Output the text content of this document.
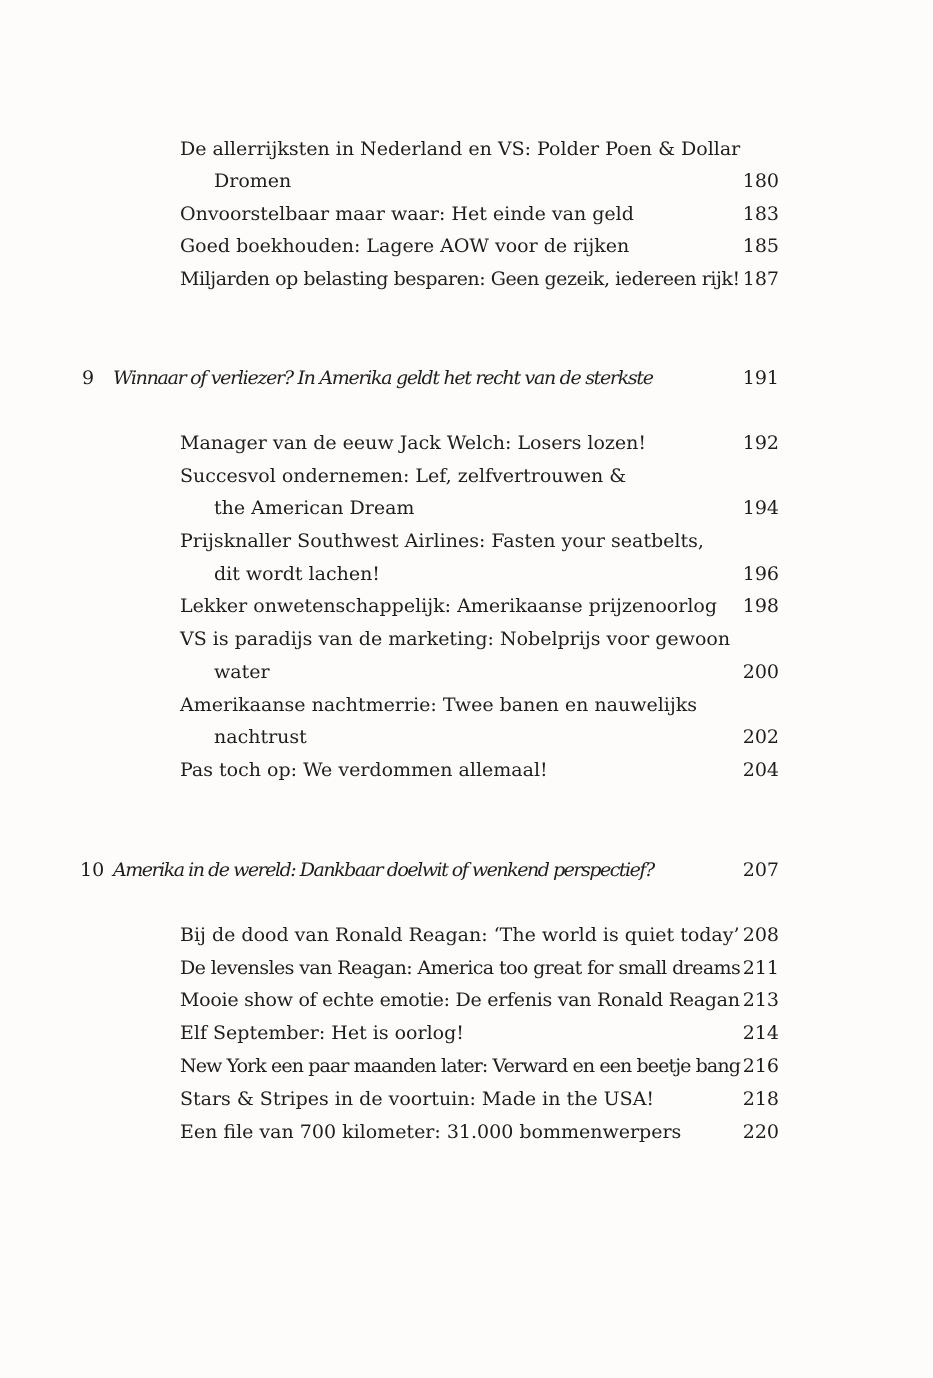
De allerrijksten in Nederland en VS: Polder Poen & Dollar
Dromen	180
Onvoorstelbaar maar waar: Het einde van geld	183
Goed boekhouden: Lagere AOW voor de rijken	185
Miljarden op belasting besparen: Geen gezeik, iedereen rijk! 187
9 Winnaar of verliezer? In Amerika geldt het recht van de sterkste	191
Manager van de eeuw Jack Welch: Losers lozen!	192
Succesvol ondernemen: Lef, zelfvertrouwen &
the American Dream	194
Prijsknaller Southwest Airlines: Fasten your seatbelts,
dit wordt lachen!	196
Lekker onwetenschappelijk: Amerikaanse prijzenoorlog 198
VS is paradijs van de marketing: Nobelprijs voor gewoon
water	200
Amerikaanse nachtmerrie: Twee banen en nauwelijks
nachtrust	202
Pas toch op: We verdommen allemaal!	204
10 Amerika in de wereld: Dankbaar doelwit of wenkend perspectief?	207
Bij de dood van Ronald Reagan: ‘The world is quiet today’ 208
De levensles van Reagan: America too great for small dreams 211
Mooie show of echte emotie: De erfenis van Ronald Reagan 213
Elf September: Het is oorlog!	214
New York een paar maanden later: Verward en een beetje bang 216
Stars & Stripes in de voortuin: Made in the USA!	218
Een file van 700 kilometer: 31.000 bommenwerpers	220
